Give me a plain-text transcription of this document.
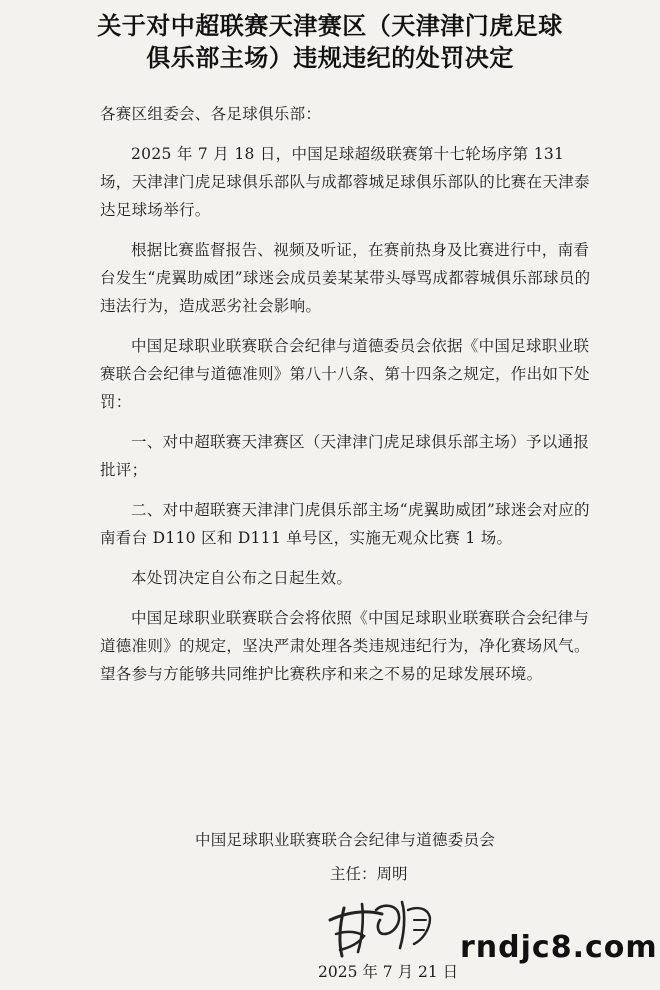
关于对中超联赛天津赛区（天津津门虎足球
俱乐部主场）违规违纪的处罚决定

各赛区组委会、各足球俱乐部：

2025 年 7 月 18 日，中国足球超级联赛第十七轮场序第 131 场，天津津门虎足球俱乐部队与成都蓉城足球俱乐部队的比赛在天津泰达足球场举行。

根据比赛监督报告、视频及听证，在赛前热身及比赛进行中，南看台发生“虎翼助威团”球迷会成员姜某某带头辱骂成都蓉城俱乐部球员的违法行为，造成恶劣社会影响。

中国足球职业联赛联合会纪律与道德委员会依据《中国足球职业联赛联合会纪律与道德准则》第八十八条、第十四条之规定，作出如下处罚：

一、对中超联赛天津赛区（天津津门虎足球俱乐部主场）予以通报批评；

二、对中超联赛天津津门虎俱乐部主场“虎翼助威团”球迷会对应的南看台 D110 区和 D111 单号区，实施无观众比赛 1 场。

本处罚决定自公布之日起生效。

中国足球职业联赛联合会将依照《中国足球职业联赛联合会纪律与道德准则》的规定，坚决严肃处理各类违规违纪行为，净化赛场风气。望各参与方能够共同维护比赛秩序和来之不易的足球发展环境。

中国足球职业联赛联合会纪律与道德委员会
主任：周明
2025 年 7 月 21 日
rndjc8.com
